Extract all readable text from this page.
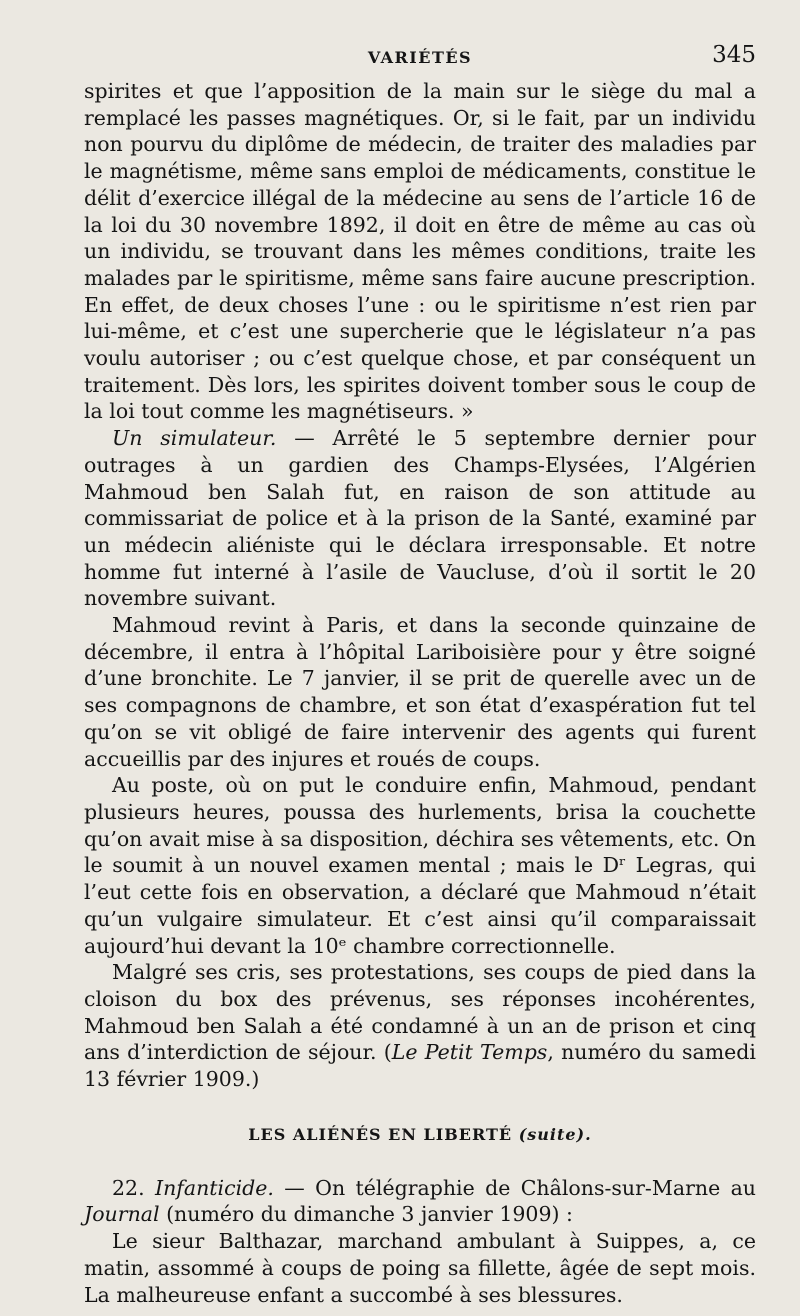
VARIÉTÉS	345

spirites et que l’apposition de la main sur le siège du mal a remplacé les passes magnétiques. Or, si le fait, par un individu non pourvu du diplôme de médecin, de traiter des maladies par le magnétisme, même sans emploi de médicaments, constitue le délit d’exercice illégal de la médecine au sens de l’article 16 de la loi du 30 novembre 1892, il doit en être de même au cas où un individu, se trouvant dans les mêmes conditions, traite les malades par le spiritisme, même sans faire aucune prescription. En effet, de deux choses l’une : ou le spiritisme n’est rien par lui-même, et c’est une supercherie que le législateur n’a pas voulu autoriser ; ou c’est quelque chose, et par conséquent un traitement. Dès lors, les spirites doivent tomber sous le coup de la loi tout comme les magnétiseurs. »

Un simulateur. — Arrêté le 5 septembre dernier pour outrages à un gardien des Champs-Elysées, l’Algérien Mahmoud ben Salah fut, en raison de son attitude au commissariat de police et à la prison de la Santé, examiné par un médecin aliéniste qui le déclara irresponsable. Et notre homme fut interné à l’asile de Vaucluse, d’où il sortit le 20 novembre suivant.

Mahmoud revint à Paris, et dans la seconde quinzaine de décembre, il entra à l’hôpital Lariboisière pour y être soigné d’une bronchite. Le 7 janvier, il se prit de querelle avec un de ses compagnons de chambre, et son état d’exaspération fut tel qu’on se vit obligé de faire intervenir des agents qui furent accueillis par des injures et roués de coups.

Au poste, où on put le conduire enfin, Mahmoud, pendant plusieurs heures, poussa des hurlements, brisa la couchette qu’on avait mise à sa disposition, déchira ses vêtements, etc. On le soumit à un nouvel examen mental ; mais le Dʳ Legras, qui l’eut cette fois en observation, a déclaré que Mahmoud n’était qu’un vulgaire simulateur. Et c’est ainsi qu’il comparaissait aujourd’hui devant la 10ᵉ chambre correctionnelle.

Malgré ses cris, ses protestations, ses coups de pied dans la cloison du box des prévenus, ses réponses incohérentes, Mahmoud ben Salah a été condamné à un an de prison et cinq ans d’interdiction de séjour. (Le Petit Temps, numéro du samedi 13 février 1909.)

LES ALIÉNÉS EN LIBERTÉ (suite).

22. Infanticide. — On télégraphie de Châlons-sur-Marne au Journal (numéro du dimanche 3 janvier 1909) :

Le sieur Balthazar, marchand ambulant à Suippes, a, ce matin, assommé à coups de poing sa fillette, âgée de sept mois. La malheureuse enfant a succombé à ses blessures.
